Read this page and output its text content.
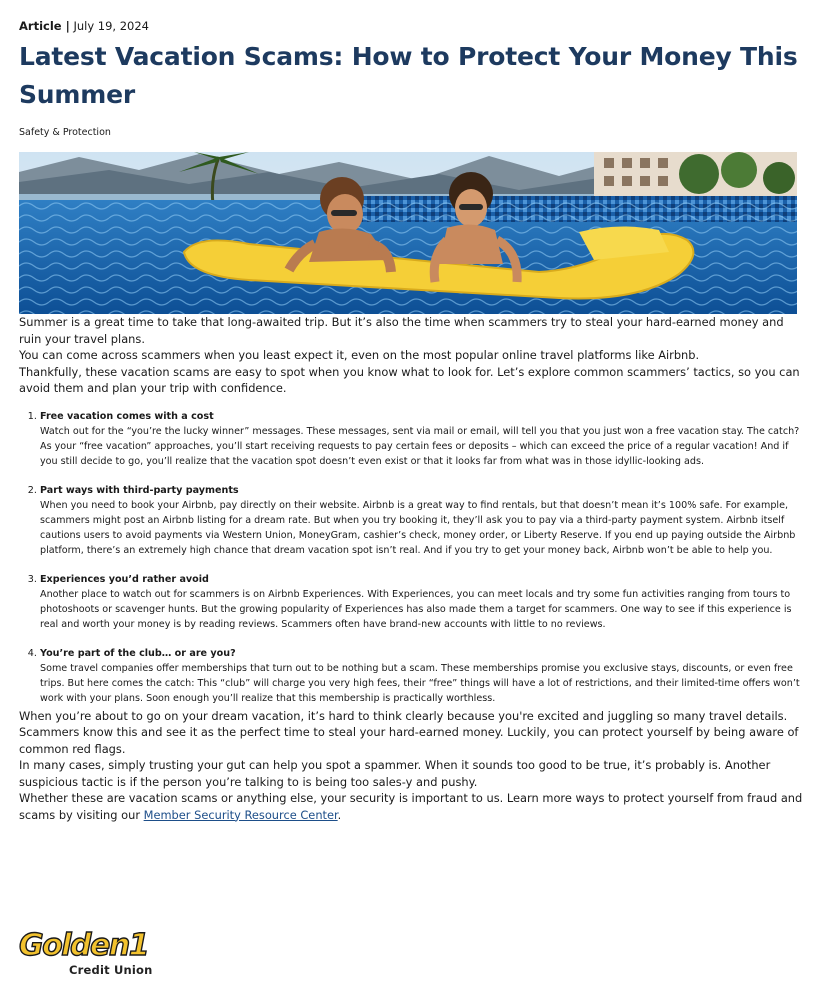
Article | July 19, 2024
Latest Vacation Scams: How to Protect Your Money This Summer
Safety & Protection

Summer is a great time to take that long-awaited trip. But it’s also the time when scammers try to steal your hard-earned money and ruin your travel plans.

You can come across scammers when you least expect it, even on the most popular online travel platforms like Airbnb.

Thankfully, these vacation scams are easy to spot when you know what to look for. Let’s explore common scammers’ tactics, so you can avoid them and plan your trip with confidence.

1. Free vacation comes with a cost
Watch out for the “you’re the lucky winner” messages. These messages, sent via mail or email, will tell you that you just won a free vacation stay. The catch? As your “free vacation” approaches, you’ll start receiving requests to pay certain fees or deposits – which can exceed the price of a regular vacation! And if you still decide to go, you’ll realize that the vacation spot doesn’t even exist or that it looks far from what was in those idyllic-looking ads.
2. Part ways with third-party payments
When you need to book your Airbnb, pay directly on their website. Airbnb is a great way to find rentals, but that doesn’t mean it’s 100% safe. For example, scammers might post an Airbnb listing for a dream rate. But when you try booking it, they’ll ask you to pay via a third-party payment system. Airbnb itself cautions users to avoid payments via Western Union, MoneyGram, cashier’s check, money order, or Liberty Reserve. If you end up paying outside the Airbnb platform, there’s an extremely high chance that dream vacation spot isn’t real. And if you try to get your money back, Airbnb won’t be able to help you.
3. Experiences you’d rather avoid
Another place to watch out for scammers is on Airbnb Experiences. With Experiences, you can meet locals and try some fun activities ranging from tours to photoshoots or scavenger hunts. But the growing popularity of Experiences has also made them a target for scammers. One way to see if this experience is real and worth your money is by reading reviews. Scammers often have brand-new accounts with little to no reviews.
4. You’re part of the club… or are you?
Some travel companies offer memberships that turn out to be nothing but a scam. These memberships promise you exclusive stays, discounts, or even free trips. But here comes the catch: This “club” will charge you very high fees, their “free” things will have a lot of restrictions, and their limited-time offers won’t work with your plans. Soon enough you’ll realize that this membership is practically worthless.

When you’re about to go on your dream vacation, it’s hard to think clearly because you're excited and juggling so many travel details. Scammers know this and see it as the perfect time to steal your hard-earned money. Luckily, you can protect yourself by being aware of common red flags.

In many cases, simply trusting your gut can help you spot a spammer. When it sounds too good to be true, it’s probably is. Another suspicious tactic is if the person you’re talking to is being too sales-y and pushy.

Whether these are vacation scams or anything else, your security is important to us. Learn more ways to protect yourself from fraud and scams by visiting our Member Security Resource Center.

Golden1
Credit Union
